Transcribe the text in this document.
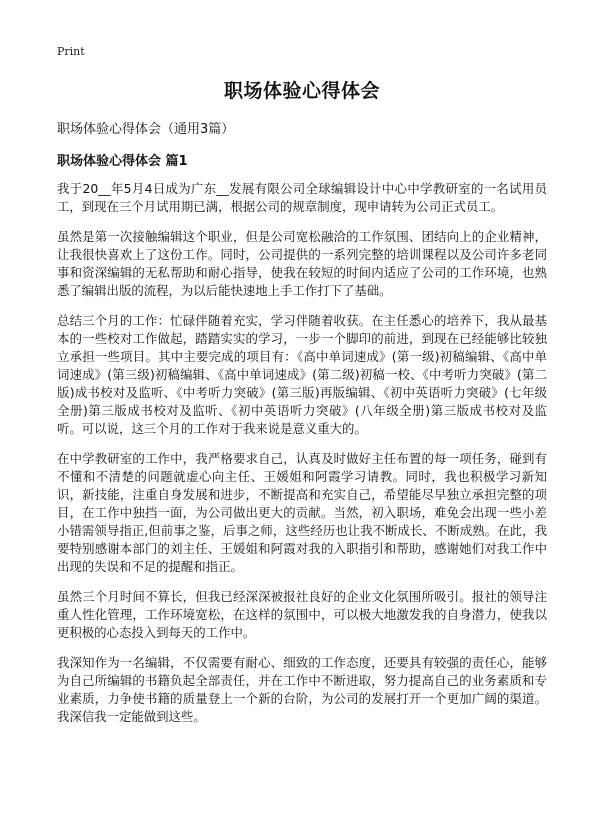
Print
职场体验心得体会
职场体验心得体会（通用3篇）
职场体验心得体会 篇1

我于20__年5月4日成为广东__发展有限公司全球编辑设计中心中学教研室的一名试用员工，到现在三个月试用期已满，根据公司的规章制度，现申请转为公司正式员工。

虽然是第一次接触编辑这个职业，但是公司宽松融洽的工作氛围、团结向上的企业精神，让我很快喜欢上了这份工作。同时，公司提供的一系列完整的培训课程以及公司许多老同事和资深编辑的无私帮助和耐心指导，使我在较短的时间内适应了公司的工作环境，也熟悉了编辑出版的流程，为以后能快速地上手工作打下了基础。

总结三个月的工作：忙碌伴随着充实，学习伴随着收获。在主任悉心的培养下，我从最基本的一些校对工作做起，踏踏实实的学习，一步一个脚印的前进，到现在已经能够比较独立承担一些项目。其中主要完成的项目有：《高中单词速成》(第一级)初稿编辑、《高中单词速成》(第三级)初稿编辑、《高中单词速成》(第二级)初稿一校、《中考听力突破》(第二版)成书校对及监听、《中考听力突破》(第三版)再版编辑、《初中英语听力突破》(七年级全册)第三版成书校对及监听、《初中英语听力突破》(八年级全册)第三版成书校对及监听。可以说，这三个月的工作对于我来说是意义重大的。

在中学教研室的工作中，我严格要求自己，认真及时做好主任布置的每一项任务，碰到有不懂和不清楚的问题就虚心向主任、王媛姐和阿霞学习请教。同时，我也积极学习新知识，新技能，注重自身发展和进步，不断提高和充实自己，希望能尽早独立承担完整的项目，在工作中独挡一面，为公司做出更大的贡献。当然，初入职场，难免会出现一些小差小错需领导指正,但前事之鉴，后事之师，这些经历也让我不断成长、不断成熟。在此，我要特别感谢本部门的刘主任、王媛姐和阿霞对我的入职指引和帮助，感谢她们对我工作中出现的失误和不足的提醒和指正。

虽然三个月时间不算长，但我已经深深被报社良好的企业文化氛围所吸引。报社的领导注重人性化管理，工作环境宽松，在这样的氛围中，可以极大地激发我的自身潜力，使我以更积极的心态投入到每天的工作中。

我深知作为一名编辑，不仅需要有耐心、细致的工作态度，还要具有较强的责任心，能够为自己所编辑的书籍负起全部责任，并在工作中不断进取，努力提高自己的业务素质和专业素质，力争使书籍的质量登上一个新的台阶，为公司的发展打开一个更加广阔的渠道。我深信我一定能做到这些。
